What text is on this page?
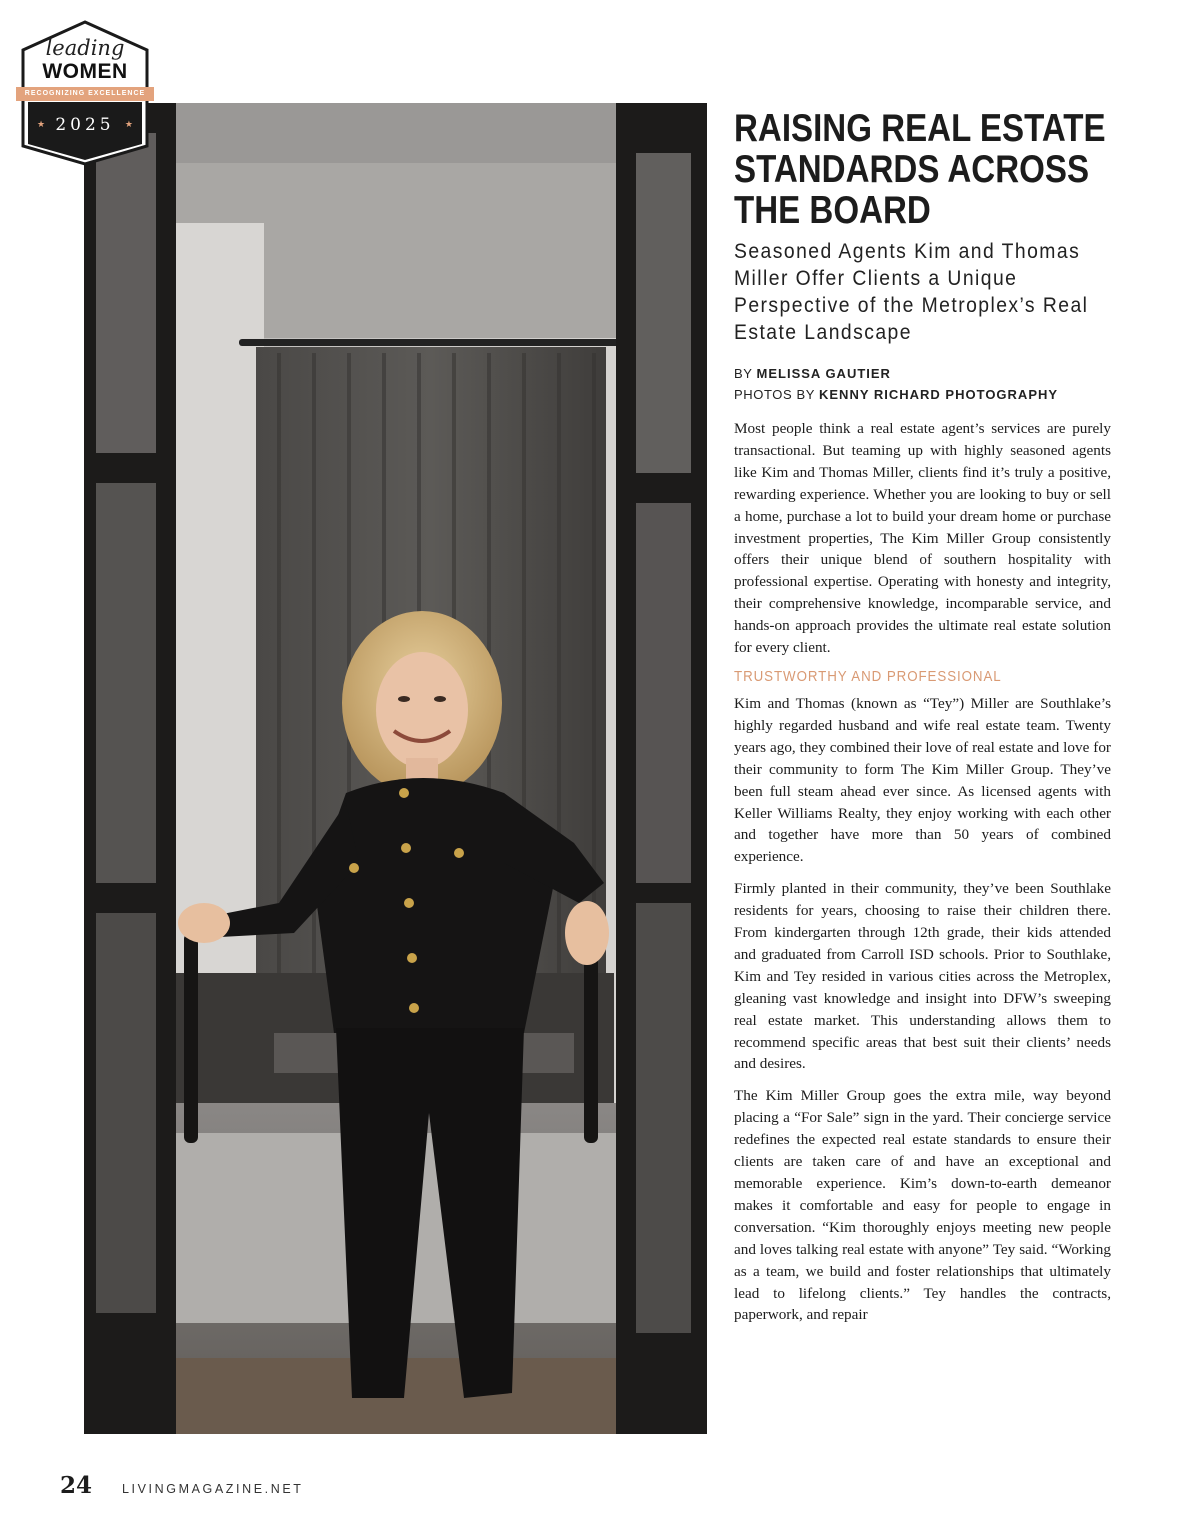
leading
WOMEN
RECOGNIZING EXCELLENCE
★ 2025	★	RAISING REAL ESTATE STANDARDS ACROSS THE BOARD
Seasoned Agents Kim and Thomas Miller Offer Clients a Unique Perspective of the Metroplex’s Real Estate Landscape
BY MELISSA GAUTIER
PHOTOS BY KENNY RICHARD PHOTOGRAPHY

Most people think a real estate agent’s services are purely transactional. But teaming up with highly seasoned agents like Kim and Thomas Miller, clients find it’s truly a positive, rewarding experience. Whether you are looking to buy or sell a home, purchase a lot to build your dream home or purchase investment properties, The Kim Miller Group consistently offers their unique blend of southern hospitality with professional expertise. Operating with honesty and integrity, their comprehensive knowledge, incomparable service, and hands-on approach provides the ultimate real estate solution for every client.

TRUSTWORTHY AND PROFESSIONAL

Kim and Thomas (known as “Tey”) Miller are Southlake’s highly regarded husband and wife real estate team. Twenty years ago, they combined their love of real estate and love for their community to form The Kim Miller Group. They’ve been full steam ahead ever since. As licensed agents with Keller Williams Realty, they enjoy working with each other and together have more than 50 years of combined experience.

Firmly planted in their community, they’ve been Southlake residents for years, choosing to raise their children there. From kindergarten through 12th grade, their kids attended and graduated from Carroll ISD schools. Prior to Southlake, Kim and Tey resided in various cities across the Metroplex, gleaning vast knowledge and insight into DFW’s sweeping real estate market. This understanding allows them to recommend specific areas that best suit their clients’ needs and desires.

The Kim Miller Group goes the extra mile, way beyond placing a “For Sale” sign in the yard. Their concierge service redefines the expected real estate standards to ensure their clients are taken care of and have an exceptional and memorable experience. Kim’s down-to-earth demeanor makes it comfortable and easy for people to engage in conversation. “Kim thoroughly enjoys meeting new people and loves talking real estate with anyone” Tey said. “Working as a team, we build and foster relationships that ultimately lead to lifelong clients.” Tey handles the contracts, paperwork, and repair

24 LIVINGMAGAZINE.NET
